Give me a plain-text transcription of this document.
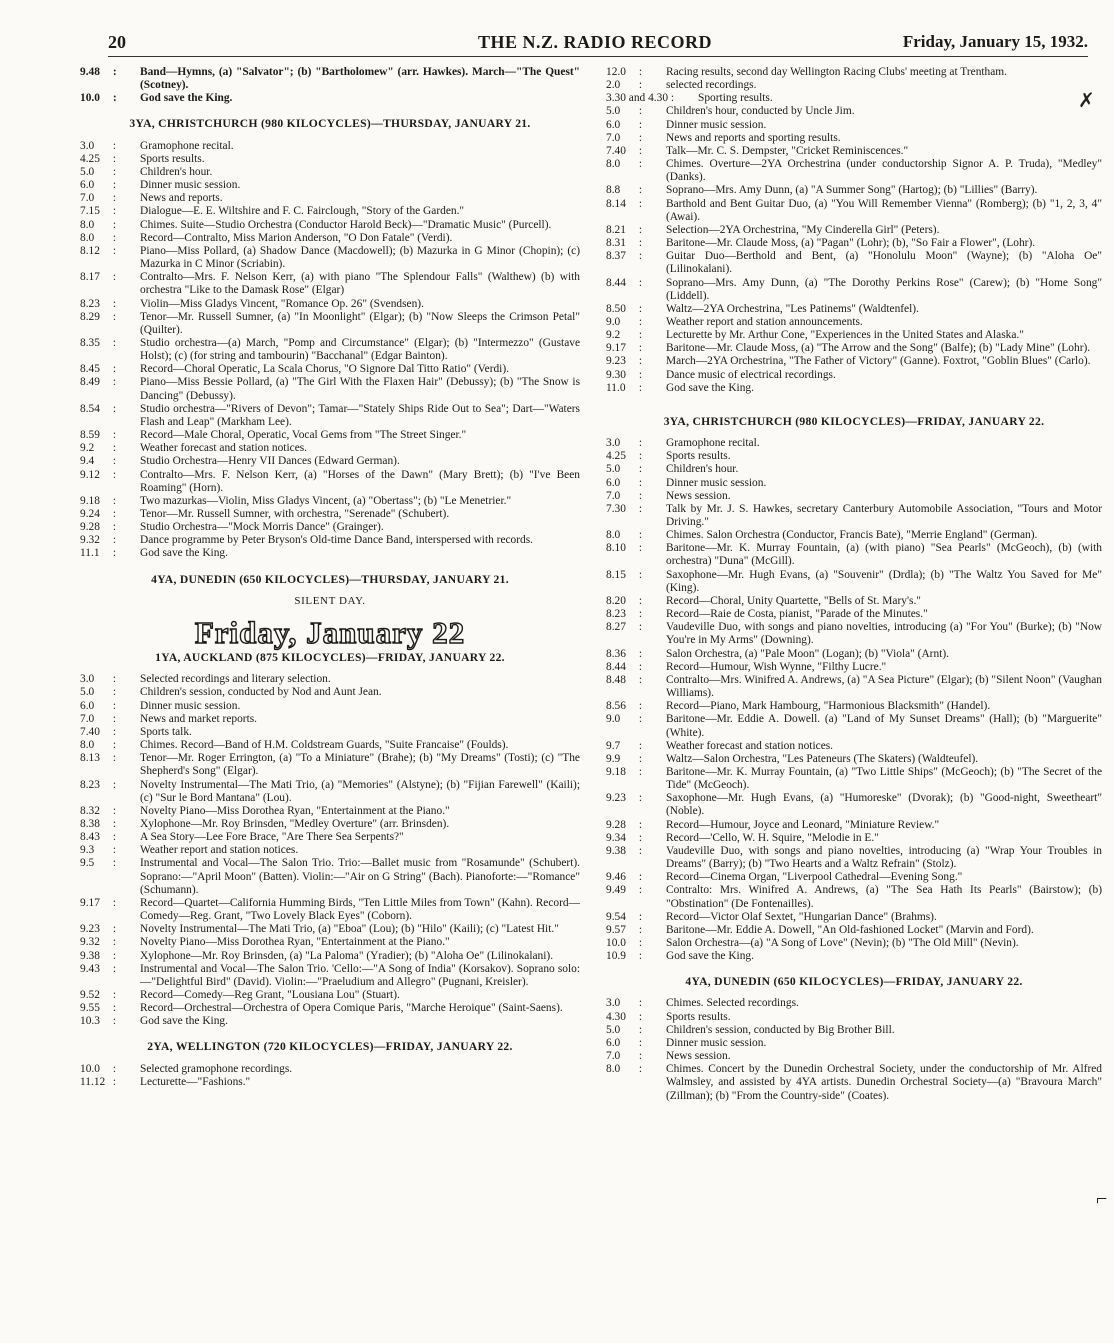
20	THE N.Z. RADIO RECORD	Friday, January 15, 1932.
9.48 :	Band—Hymns, (a) "Salvator"; (b) "Bartholomew" (arr. Hawkes). March—"The Quest" (Scotney).
10.0 :	God save the King.
3YA, CHRISTCHURCH (980 KILOCYCLES)—THURSDAY, JANUARY 21.
3.0	:	Gramophone recital.
4.25 :	Sports results.
5.0	:	Children's hour.
6.0	:	Dinner music session.
7.0	:	News and reports.
7.15 :	Dialogue—E. E. Wiltshire and F. C. Fairclough, "Story of the Garden."
8.0	:	Chimes. Suite—Studio Orchestra (Conductor Harold Beck)—"Dramatic Music" (Purcell).
8.0	:	Record—Contralto, Miss Marion Anderson, "O Don Fatale" (Verdi).
8.12 :	Piano—Miss Pollard, (a) Shadow Dance (Macdowell); (b) Mazurka in G Minor (Chopin); (c) Mazurka in C Minor (Scriabin).
8.17 :	Contralto—Mrs. F. Nelson Kerr, (a) with piano "The Splendour Falls" (Walthew) (b) with orchestra "Like to the Damask Rose" (Elgar)
8.23 :	Violin—Miss Gladys Vincent, "Romance Op. 26" (Svendsen).
8.29 :	Tenor—Mr. Russell Sumner, (a) "In Moonlight" (Elgar); (b) "Now Sleeps the Crimson Petal" (Quilter).
8.35 :	Studio orchestra—(a) March, "Pomp and Circumstance" (Elgar); (b) "Intermezzo" (Gustave Holst); (c) (for string and tambourin) "Bacchanal" (Edgar Bainton).
8.45 :	Record—Choral Operatic, La Scala Chorus, "O Signore Dal Titto Ratio" (Verdi).
8.49 :	Piano—Miss Bessie Pollard, (a) "The Girl With the Flaxen Hair" (Debussy); (b) "The Snow is Dancing" (Debussy).
8.54 :	Studio orchestra—"Rivers of Devon"; Tamar—"Stately Ships Ride Out to Sea"; Dart—"Waters Flash and Leap" (Markham Lee).
8.59 :	Record—Male Choral, Operatic, Vocal Gems from "The Street Singer."
9.2	:	Weather forecast and station notices.
9.4	:	Studio Orchestra—Henry VII Dances (Edward German).
9.12 :	Contralto—Mrs. F. Nelson Kerr, (a) "Horses of the Dawn" (Mary Brett); (b) "I've Been Roaming" (Horn).
9.18 :	Two mazurkas—Violin, Miss Gladys Vincent, (a) "Obertass"; (b) "Le Menetrier."
9.24 :	Tenor—Mr. Russell Sumner, with orchestra, "Serenade" (Schubert).
9.28 :	Studio Orchestra—"Mock Morris Dance" (Grainger).
9.32 :	Dance programme by Peter Bryson's Old-time Dance Band, interspersed with records.
11.1 :	God save the King.
4YA, DUNEDIN (650 KILOCYCLES)—THURSDAY, JANUARY 21.
SILENT DAY.
Friday, January 22
1YA, AUCKLAND (875 KILOCYCLES)—FRIDAY, JANUARY 22.
3.0	:	Selected recordings and literary selection.
5.0	:	Children's session, conducted by Nod and Aunt Jean.
6.0	:	Dinner music session.
7.0	:	News and market reports.
7.40 :	Sports talk.
8.0	:	Chimes. Record—Band of H.M. Coldstream Guards, "Suite Francaise" (Foulds).
8.13 :	Tenor—Mr. Roger Errington, (a) "To a Miniature" (Brahe); (b) "My Dreams" (Tosti); (c) "The Shepherd's Song" (Elgar).
8.23 :	Novelty Instrumental—The Mati Trio, (a) "Memories" (Alstyne); (b) "Fijian Farewell" (Kaili); (c) "Sur le Bord Mantana" (Lou).
8.32 :	Novelty Piano—Miss Dorothea Ryan, "Entertainment at the Piano."
8.38 :	Xylophone—Mr. Roy Brinsden, "Medley Overture" (arr. Brinsden).
8.43 :	A Sea Story—Lee Fore Brace, "Are There Sea Serpents?"
9.3	:	Weather report and station notices.
9.5	:	Instrumental and Vocal—The Salon Trio. Trio:—Ballet music from "Rosamunde" (Schubert). Soprano:—"April Moon" (Batten). Violin:—"Air on G String" (Bach). Pianoforte:—"Romance" (Schumann).
9.17 :	Record—Quartet—California Humming Birds, "Ten Little Miles from Town" (Kahn). Record—Comedy—Reg. Grant, "Two Lovely Black Eyes" (Coborn).
9.23 :	Novelty Instrumental—The Mati Trio, (a) "Eboa" (Lou); (b) "Hilo" (Kaili); (c) "Latest Hit."
9.32 :	Novelty Piano—Miss Dorothea Ryan, "Entertainment at the Piano."
9.38 :	Xylophone—Mr. Roy Brinsden, (a) "La Paloma" (Yradier); (b) "Aloha Oe" (Lilinokalani).
9.43 :	Instrumental and Vocal—The Salon Trio. 'Cello:—"A Song of India" (Korsakov). Soprano solo:—"Delightful Bird" (David). Violin:—"Praeludium and Allegro" (Pugnani, Kreisler).
9.52 :	Record—Comedy—Reg Grant, "Lousiana Lou" (Stuart).
9.55 :	Record—Orchestral—Orchestra of Opera Comique Paris, "Marche Heroique" (Saint-Saens).
10.3 :	God save the King.
2YA, WELLINGTON (720 KILOCYCLES)—FRIDAY, JANUARY 22.
10.0 :	Selected gramophone recordings.
11.12 :	Lecturette—"Fashions."
12.0 :	Racing results, second day Wellington Racing Clubs' meeting at Trentham.
2.0	:	selected recordings.
3.30 and 4.30 :	Sporting results.
5.0	:	Children's hour, conducted by Uncle Jim.
6.0	:	Dinner music session.
7.0	:	News and reports and sporting results.
7.40 :	Talk—Mr. C. S. Dempster, "Cricket Reminiscences."
8.0	:	Chimes. Overture—2YA Orchestrina (under conductorship Signor A. P. Truda), "Medley" (Danks).
8.8	:	Soprano—Mrs. Amy Dunn, (a) "A Summer Song" (Hartog); (b) "Lillies" (Barry).
8.14 :	Barthold and Bent Guitar Duo, (a) "You Will Remember Vienna" (Romberg); (b) "1, 2, 3, 4" (Awai).
8.21 :	Selection—2YA Orchestrina, "My Cinderella Girl" (Peters).
8.31 :	Baritone—Mr. Claude Moss, (a) "Pagan" (Lohr); (b), "So Fair a Flower", (Lohr).
8.37 :	Guitar Duo—Berthold and Bent, (a) "Honolulu Moon" (Wayne); (b) "Aloha Oe" (Lilinokalani).
8.44 :	Soprano—Mrs. Amy Dunn, (a) "The Dorothy Perkins Rose" (Carew); (b) "Home Song" (Liddell).
8.50 :	Waltz—2YA Orchestrina, "Les Patinems" (Waldtenfel).
9.0	:	Weather report and station announcements.
9.2	:	Lecturette by Mr. Arthur Cone, "Experiences in the United States and Alaska."
9.17 :	Baritone—Mr. Claude Moss, (a) "The Arrow and the Song" (Balfe); (b) "Lady Mine" (Lohr).
9.23 :	March—2YA Orchestrina, "The Father of Victory" (Ganne). Foxtrot, "Goblin Blues" (Carlo).
9.30 :	Dance music of electrical recordings.
11.0 :	God save the King.
3YA, CHRISTCHURCH (980 KILOCYCLES)—FRIDAY, JANUARY 22.
3.0	:	Gramophone recital.
4.25 :	Sports results.
5.0	:	Children's hour.
6.0	:	Dinner music session.
7.0	:	News session.
7.30 :	Talk by Mr. J. S. Hawkes, secretary Canterbury Automobile Association, "Tours and Motor Driving."
8.0	:	Chimes. Salon Orchestra (Conductor, Francis Bate), "Merrie England" (German).
8.10 :	Baritone—Mr. K. Murray Fountain, (a) (with piano) "Sea Pearls" (McGeoch), (b) (with orchestra) "Duna" (McGill).
8.15 :	Saxophone—Mr. Hugh Evans, (a) "Souvenir" (Drdla); (b) "The Waltz You Saved for Me" (King).
8.20 :	Record—Choral, Unity Quartette, "Bells of St. Mary's."
8.23 :	Record—Raie de Costa, pianist, "Parade of the Minutes."
8.27 :	Vaudeville Duo, with songs and piano novelties, introducing (a) "For You" (Burke); (b) "Now You're in My Arms" (Downing).
8.36 :	Salon Orchestra, (a) "Pale Moon" (Logan); (b) "Viola" (Arnt).
8.44 :	Record—Humour, Wish Wynne, "Filthy Lucre."
8.48 :	Contralto—Mrs. Winifred A. Andrews, (a) "A Sea Picture" (Elgar); (b) "Silent Noon" (Vaughan Williams).
8.56 :	Record—Piano, Mark Hambourg, "Harmonious Blacksmith" (Handel).
9.0	:	Baritone—Mr. Eddie A. Dowell. (a) "Land of My Sunset Dreams" (Hall); (b) "Marguerite" (White).
9.7	:	Weather forecast and station notices.
9.9	:	Waltz—Salon Orchestra, "Les Pateneurs (The Skaters) (Waldteufel).
9.18 :	Baritone—Mr. K. Murray Fountain, (a) "Two Little Ships" (McGeoch); (b) "The Secret of the Tide" (McGeoch).
9.23 :	Saxophone—Mr. Hugh Evans, (a) "Humoreske" (Dvorak); (b) "Good-night, Sweetheart" (Noble).
9.28 :	Record—Humour, Joyce and Leonard, "Miniature Review."
9.34 :	Record—'Cello, W. H. Squire, "Melodie in E."
9.38 :	Vaudeville Duo, with songs and piano novelties, introducing (a) "Wrap Your Troubles in Dreams" (Barry); (b) "Two Hearts and a Waltz Refrain" (Stolz).
9.46 :	Record—Cinema Organ, "Liverpool Cathedral—Evening Song."
9.49 :	Contralto: Mrs. Winifred A. Andrews, (a) "The Sea Hath Its Pearls" (Bairstow); (b) "Obstination" (De Fontenailles).
9.54 :	Record—Victor Olaf Sextet, "Hungarian Dance" (Brahms).
9.57 :	Baritone—Mr. Eddie A. Dowell, "An Old-fashioned Locket" (Marvin and Ford).
10.0 :	Salon Orchestra—(a) "A Song of Love" (Nevin); (b) "The Old Mill" (Nevin).
10.9 :	God save the King.
4YA, DUNEDIN (650 KILOCYCLES)—FRIDAY, JANUARY 22.
3.0	:	Chimes. Selected recordings.
4.30 :	Sports results.
5.0	:	Children's session, conducted by Big Brother Bill.
6.0	:	Dinner music session.
7.0	:	News session.
8.0	:	Chimes. Concert by the Dunedin Orchestral Society, under the conductorship of Mr. Alfred Walmsley, and assisted by 4YA artists. Dunedin Orchestral Society—(a) "Bravoura March" (Zillman); (b) "From the Country-side" (Coates).
✗
⌐
